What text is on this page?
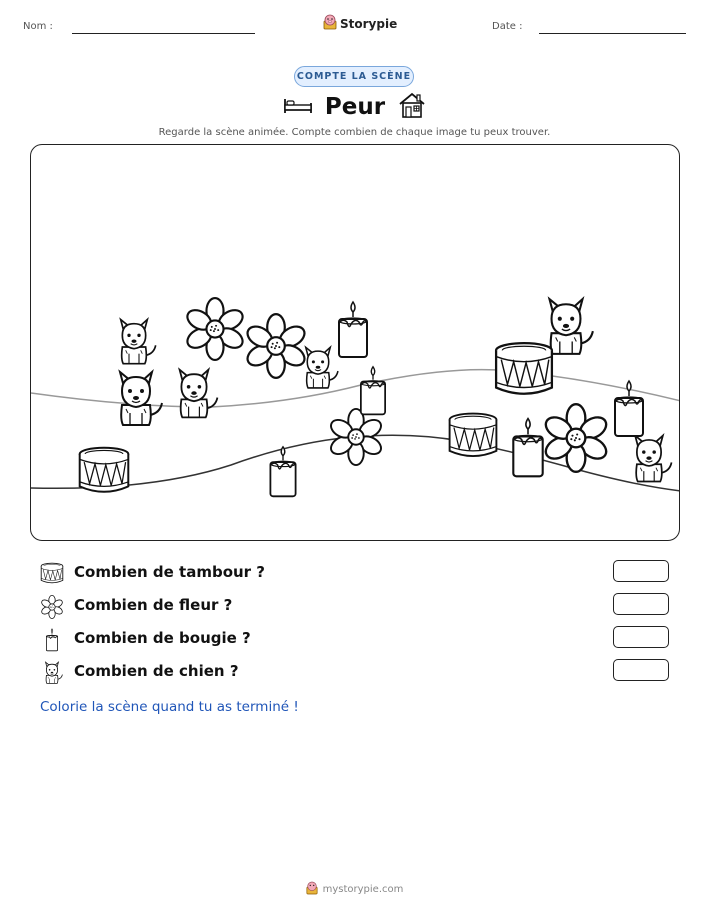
Nom :	Storypie	Date :
COMPTE LA SCÈNE
Peur
Regarde la scène animée. Compte combien de chaque image tu peux trouver.
Combien de tambour ?
Combien de fleur ?
Combien de bougie ?
Combien de chien ?
Colorie la scène quand tu as terminé !
mystorypie.com
